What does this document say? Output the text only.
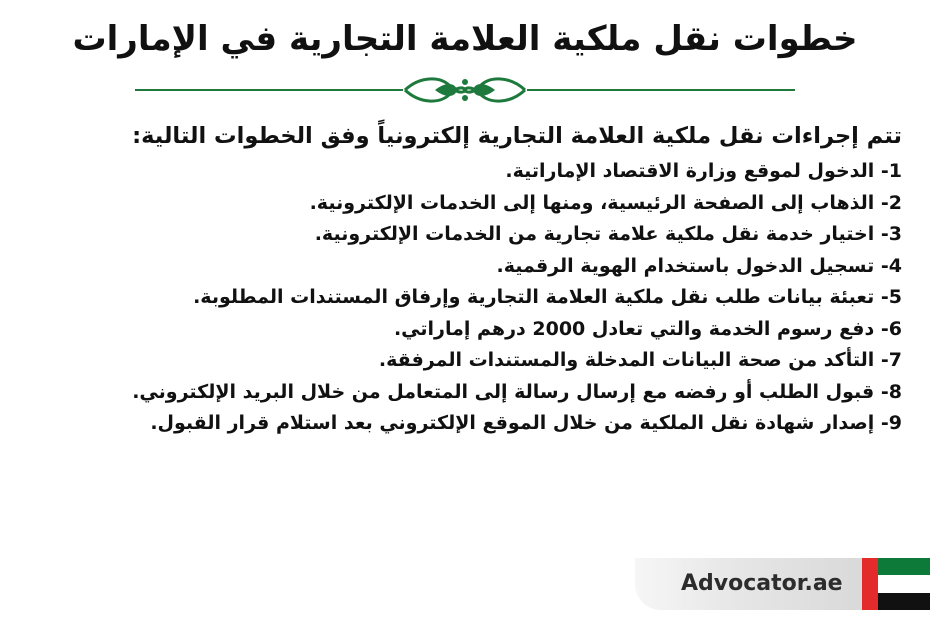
خطوات نقل ملكية العلامة التجارية في الإمارات

تتم إجراءات نقل ملكية العلامة التجارية إلكترونياً وفق الخطوات التالية:

1- الدخول لموقع وزارة الاقتصاد الإماراتية.
2- الذهاب إلى الصفحة الرئيسية، ومنها إلى الخدمات الإلكترونية.
3- اختيار خدمة نقل ملكية علامة تجارية من الخدمات الإلكترونية.
4- تسجيل الدخول باستخدام الهوية الرقمية.
5- تعبئة بيانات طلب نقل ملكية العلامة التجارية وإرفاق المستندات المطلوبة.
6- دفع رسوم الخدمة والتي تعادل 2000 درهم إماراتي.
7- التأكد من صحة البيانات المدخلة والمستندات المرفقة.
8- قبول الطلب أو رفضه مع إرسال رسالة إلى المتعامل من خلال البريد الإلكتروني.
9- إصدار شهادة نقل الملكية من خلال الموقع الإلكتروني بعد استلام قرار القبول.
Advocator.ae
